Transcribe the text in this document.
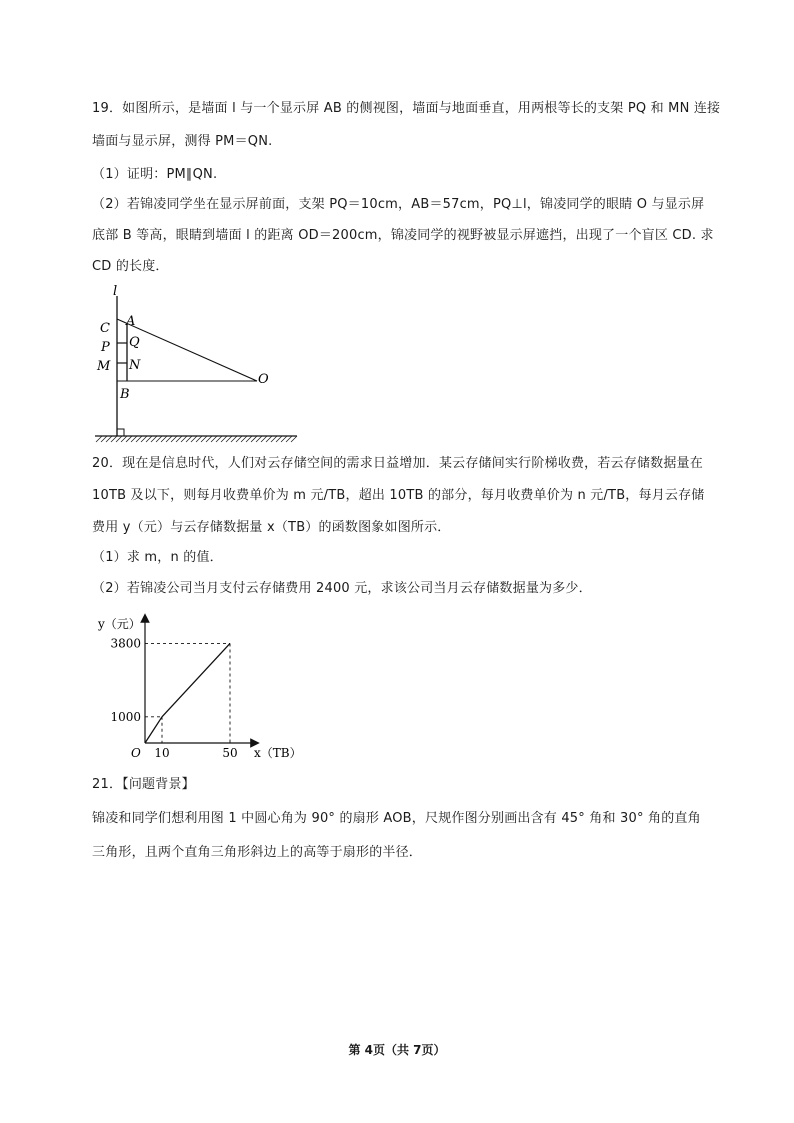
19．如图所示，是墙面 l 与一个显示屏 AB 的侧视图，墙面与地面垂直，用两根等长的支架 PQ 和 MN 连接
墙面与显示屏，测得 PM＝QN.
（1）证明：PM∥QN.
（2）若锦凌同学坐在显示屏前面，支架 PQ＝10cm，AB＝57cm，PQ⊥l，锦凌同学的眼睛 O 与显示屏
底部 B 等高，眼睛到墙面 l 的距离 OD＝200cm，锦凌同学的视野被显示屏遮挡，出现了一个盲区 CD. 求
CD 的长度．
l
C A
P Q
M N
B
O
20．现在是信息时代，人们对云存储空间的需求日益增加．某云存储间实行阶梯收费，若云存储数据量在
10TB 及以下，则每月收费单价为 m 元/TB，超出 10TB 的部分，每月收费单价为 n 元/TB，每月云存储
费用 y（元）与云存储数据量 x（TB）的函数图象如图所示．
（1）求 m，n 的值．
（2）若锦凌公司当月支付云存储费用 2400 元，求该公司当月云存储数据量为多少．
1000
3800
10	50
O
y（元）
x（TB）
21．【问题背景】
锦凌和同学们想利用图 1 中圆心角为 90° 的扇形 AOB，尺规作图分别画出含有 45° 角和 30° 角的直角
三角形，且两个直角三角形斜边上的高等于扇形的半径．
第 4页（共 7页）
